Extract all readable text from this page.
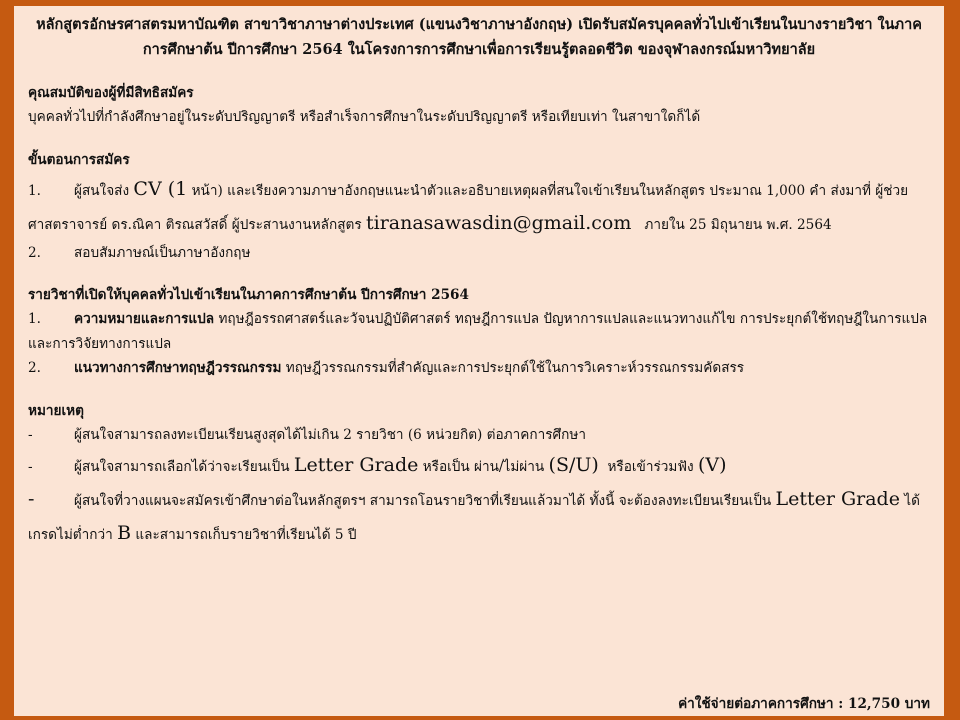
หลักสูตรอักษรศาสตรมหาบัณฑิต สาขาวิชาภาษาต่างประเทศ (แขนงวิชาภาษาอังกฤษ) เปิดรับสมัครบุคคลทั่วไปเข้าเรียนในบางรายวิชา ในภาคการศึกษาต้น ปีการศึกษา 2564 ในโครงการการศึกษาเพื่อการเรียนรู้ตลอดชีวิต ของจุฬาลงกรณ์มหาวิทยาลัย

คุณสมบัติของผู้ที่มีสิทธิสมัคร

บุคคลทั่วไปที่กำลังศึกษาอยู่ในระดับปริญญาตรี หรือสำเร็จการศึกษาในระดับปริญญาตรี หรือเทียบเท่า ในสาขาใดก็ได้

ขั้นตอนการสมัคร

1. ผู้สนใจส่ง CV (1 หน้า) และเรียงความภาษาอังกฤษแนะนำตัวและอธิบายเหตุผลที่สนใจเข้าเรียนในหลักสูตร ประมาณ 1,000 คำ ส่งมาที่ ผู้ช่วยศาสตราจารย์ ดร.ณิคา ติรณสวัสดิ์ ผู้ประสานงานหลักสูตร tiranasawasdin@gmail.com ภายใน 25 มิถุนายน พ.ศ. 2564

2. สอบสัมภาษณ์เป็นภาษาอังกฤษ

รายวิชาที่เปิดให้บุคคลทั่วไปเข้าเรียนในภาคการศึกษาต้น ปีการศึกษา 2564

1. ความหมายและการแปล ทฤษฎีอรรถศาสตร์และวัจนปฏิบัติศาสตร์ ทฤษฎีการแปล ปัญหาการแปลและแนวทางแก้ไข การประยุกต์ใช้ทฤษฎีในการแปลและการวิจัยทางการแปล

2. แนวทางการศึกษาทฤษฎีวรรณกรรม ทฤษฎีวรรณกรรมที่สำคัญและการประยุกต์ใช้ในการวิเคราะห์วรรณกรรมคัดสรร

หมายเหตุ

-	ผู้สนใจสามารถลงทะเบียนเรียนสูงสุดได้ไม่เกิน 2 รายวิชา (6 หน่วยกิต) ต่อภาคการศึกษา

-	ผู้สนใจสามารถเลือกได้ว่าจะเรียนเป็น Letter Grade หรือเป็น ผ่าน/ไม่ผ่าน (S/U) หรือเข้าร่วมฟัง (V)

-	ผู้สนใจที่วางแผนจะสมัครเข้าศึกษาต่อในหลักสูตรฯ สามารถโอนรายวิชาที่เรียนแล้วมาได้ ทั้งนี้ จะต้องลงทะเบียนเรียนเป็น Letter Grade ได้เกรดไม่ต่ำกว่า B และสามารถเก็บรายวิชาที่เรียนได้ 5 ปี

ค่าใช้จ่ายต่อภาคการศึกษา : 12,750 บาท
